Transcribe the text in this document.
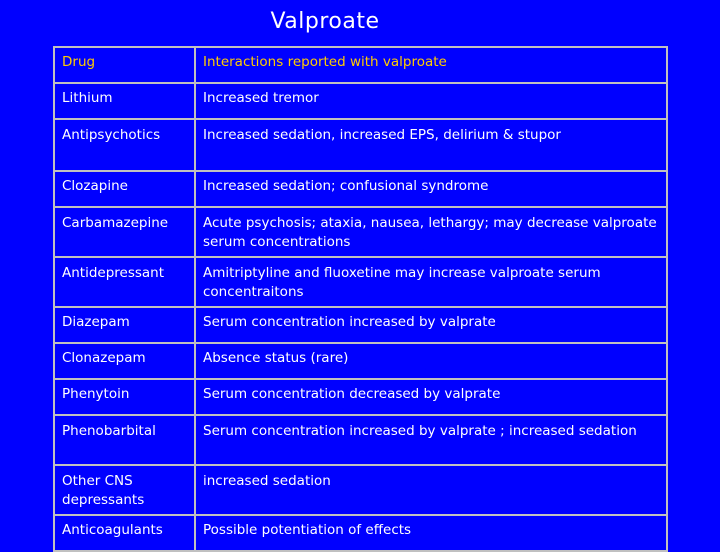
Valproate
Drug	Interactions reported with valproate
Lithium	Increased tremor
Antipsychotics	Increased sedation, increased EPS, delirium & stupor
Clozapine	Increased sedation; confusional syndrome
Carbamazepine	Acute psychosis; ataxia, nausea, lethargy; may decrease valproate serum concentrations
Antidepressant	Amitriptyline and fluoxetine may increase valproate serum concentraitons
Diazepam	Serum concentration increased by valprate
Clonazepam	Absence status (rare)
Phenytoin	Serum concentration decreased by valprate
Phenobarbital	Serum concentration increased by valprate ; increased sedation
Other CNS depressants	increased sedation
Anticoagulants	Possible potentiation of effects
